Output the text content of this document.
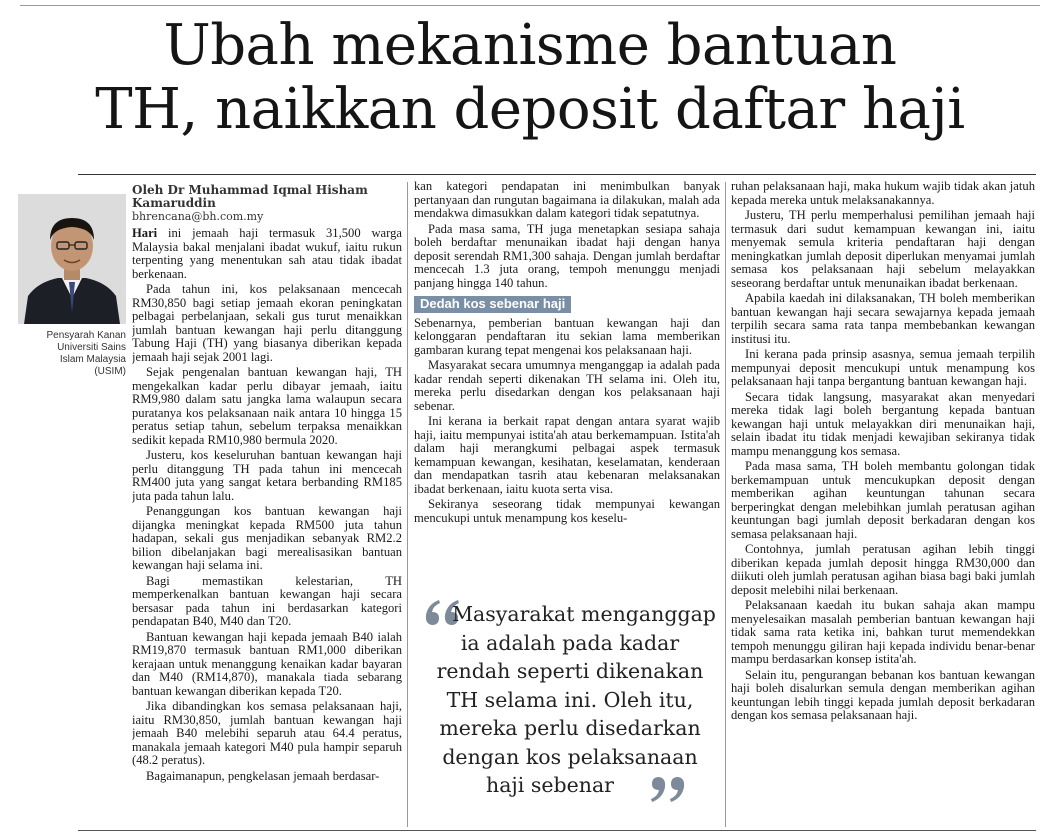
Ubah mekanisme bantuan
TH, naikkan deposit daftar haji
Pensyarah Kanan
Universiti Sains
Islam Malaysia
(USIM)
Oleh Dr Muhammad Iqmal Hisham
Kamaruddin
bhrencana@bh.com.my

Hari ini jemaah haji termasuk 31,500 warga Malaysia bakal menjalani ibadat wukuf, iaitu rukun terpenting yang menentukan sah atau tidak ibadat berkenaan.

Pada tahun ini, kos pelaksanaan mencecah RM30,850 bagi setiap jemaah ekoran peningkatan pelbagai perbelanjaan, sekali gus turut menaikkan jumlah bantuan kewangan haji perlu ditanggung Tabung Haji (TH) yang biasanya diberikan kepada jemaah haji sejak 2001 lagi.

Sejak pengenalan bantuan kewangan haji, TH mengekalkan kadar perlu dibayar jemaah, iaitu RM9,980 dalam satu jangka lama walaupun secara puratanya kos pelaksanaan naik antara 10 hingga 15 peratus setiap tahun, sebelum terpaksa menaikkan sedikit kepada RM10,980 bermula 2020.

Justeru, kos keseluruhan bantuan kewangan haji perlu ditanggung TH pada tahun ini mencecah RM400 juta yang sangat ketara berbanding RM185 juta pada tahun lalu.

Penanggungan kos bantuan kewangan haji dijangka meningkat kepada RM500 juta tahun hadapan, sekali gus menjadikan sebanyak RM2.2 bilion dibelanjakan bagi merealisasikan bantuan kewangan haji selama ini.

Bagi memastikan kelestarian, TH memperkenalkan bantuan kewangan haji secara bersasar pada tahun ini berdasarkan kategori pendapatan B40, M40 dan T20.

Bantuan kewangan haji kepada jemaah B40 ialah RM19,870 termasuk bantuan RM1,000 diberikan kerajaan untuk menanggung kenaikan kadar bayaran dan M40 (RM14,870), manakala tiada sebarang bantuan kewangan diberikan kepada T20.

Jika dibandingkan kos semasa pelaksanaan haji, iaitu RM30,850, jumlah bantuan kewangan haji jemaah B40 melebihi separuh atau 64.4 peratus, manakala jemaah kategori M40 pula hampir separuh (48.2 peratus).

Bagaimanapun, pengkelasan jemaah berdasar-

kan kategori pendapatan ini menimbulkan banyak pertanyaan dan rungutan bagaimana ia dilakukan, malah ada mendakwa dimasukkan dalam kategori tidak sepatutnya.

Pada masa sama, TH juga menetapkan sesiapa sahaja boleh berdaftar menunaikan ibadat haji dengan hanya deposit serendah RM1,300 sahaja. Dengan jumlah berdaftar mencecah 1.3 juta orang, tempoh menunggu menjadi panjang hingga 140 tahun.

Dedah kos sebenar haji

Sebenarnya, pemberian bantuan kewangan haji dan kelonggaran pendaftaran itu sekian lama memberikan gambaran kurang tepat mengenai kos pelaksanaan haji.

Masyarakat secara umumnya menganggap ia adalah pada kadar rendah seperti dikenakan TH selama ini. Oleh itu, mereka perlu disedarkan dengan kos pelaksanaan haji sebenar.

Ini kerana ia berkait rapat dengan antara syarat wajib haji, iaitu mempunyai istita'ah atau berkemampuan. Istita'ah dalam haji merangkumi pelbagai aspek termasuk kemampuan kewangan, kesihatan, keselamatan, kenderaan dan mendapatkan tasrih atau kebenaran melaksanakan ibadat berkenaan, iaitu kuota serta visa.

Sekiranya seseorang tidak mempunyai kewangan mencukupi untuk menampung kos keselu-

Masyarakat menganggap
ia adalah pada kadar
rendah seperti dikenakan
TH selama ini. Oleh itu,
mereka perlu disedarkan
dengan kos pelaksanaan
haji sebenar

ruhan pelaksanaan haji, maka hukum wajib tidak akan jatuh kepada mereka untuk melaksanakannya.

Justeru, TH perlu memperhalusi pemilihan jemaah haji termasuk dari sudut kemampuan kewangan ini, iaitu menyemak semula kriteria pendaftaran haji dengan meningkatkan jumlah deposit diperlukan menyamai jumlah semasa kos pelaksanaan haji sebelum melayakkan seseorang berdaftar untuk menunaikan ibadat berkenaan.

Apabila kaedah ini dilaksanakan, TH boleh memberikan bantuan kewangan haji secara sewajarnya kepada jemaah terpilih secara sama rata tanpa membebankan kewangan institusi itu.

Ini kerana pada prinsip asasnya, semua jemaah terpilih mempunyai deposit mencukupi untuk menampung kos pelaksanaan haji tanpa bergantung bantuan kewangan haji.

Secara tidak langsung, masyarakat akan menyedari mereka tidak lagi boleh bergantung kepada bantuan kewangan haji untuk melayakkan diri menunaikan haji, selain ibadat itu tidak menjadi kewajiban sekiranya tidak mampu menanggung kos semasa.

Pada masa sama, TH boleh membantu golongan tidak berkemampuan untuk mencukupkan deposit dengan memberikan agihan keuntungan tahunan secara berperingkat dengan melebihkan jumlah peratusan agihan keuntungan bagi jumlah deposit berkadaran dengan kos semasa pelaksanaan haji.

Contohnya, jumlah peratusan agihan lebih tinggi diberikan kepada jumlah deposit hingga RM30,000 dan diikuti oleh jumlah peratusan agihan biasa bagi baki jumlah deposit melebihi nilai berkenaan.

Pelaksanaan kaedah itu bukan sahaja akan mampu menyelesaikan masalah pemberian bantuan kewangan haji tidak sama rata ketika ini, bahkan turut memendekkan tempoh menunggu giliran haji kepada individu benar-benar mampu berdasarkan konsep istita'ah.

Selain itu, pengurangan bebanan kos bantuan kewangan haji boleh disalurkan semula dengan memberikan agihan keuntungan lebih tinggi kepada jumlah deposit berkadaran dengan kos semasa pelaksanaan haji.
